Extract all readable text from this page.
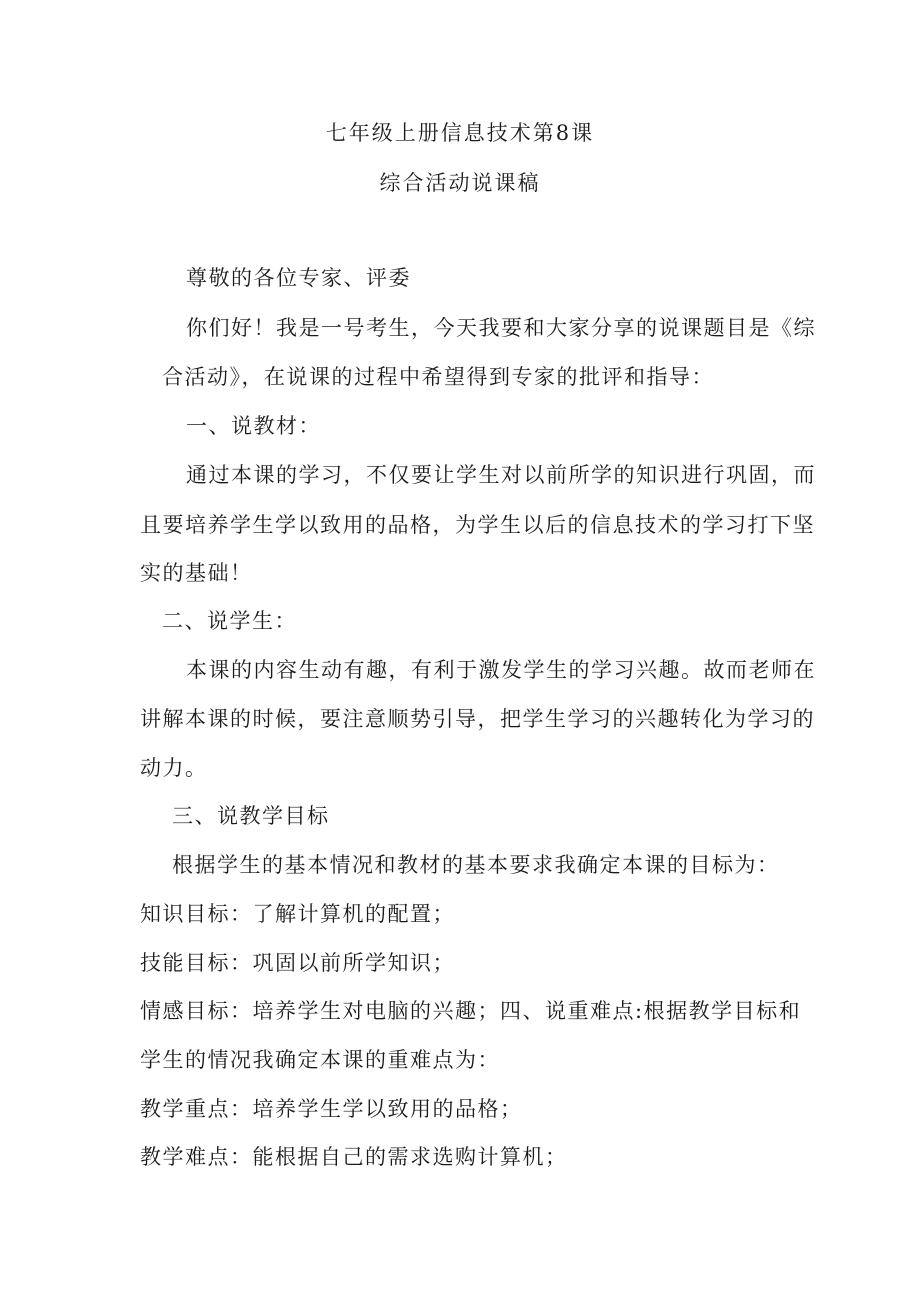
七年级上册信息技术第8课
综合活动说课稿
尊敬的各位专家、评委
你们好！我是一号考生，今天我要和大家分享的说课题目是《综
合活动》，在说课的过程中希望得到专家的批评和指导：
一、说教材：
通过本课的学习，不仅要让学生对以前所学的知识进行巩固，而
且要培养学生学以致用的品格，为学生以后的信息技术的学习打下坚
实的基础！
二、说学生：
本课的内容生动有趣，有利于激发学生的学习兴趣。故而老师在
讲解本课的时候，要注意顺势引导，把学生学习的兴趣转化为学习的
动力。
三、说教学目标
根据学生的基本情况和教材的基本要求我确定本课的目标为：
知识目标：了解计算机的配置；
技能目标：巩固以前所学知识；
情感目标：培养学生对电脑的兴趣；四、说重难点:根据教学目标和
学生的情况我确定本课的重难点为：
教学重点：培养学生学以致用的品格；
教学难点：能根据自己的需求选购计算机；
